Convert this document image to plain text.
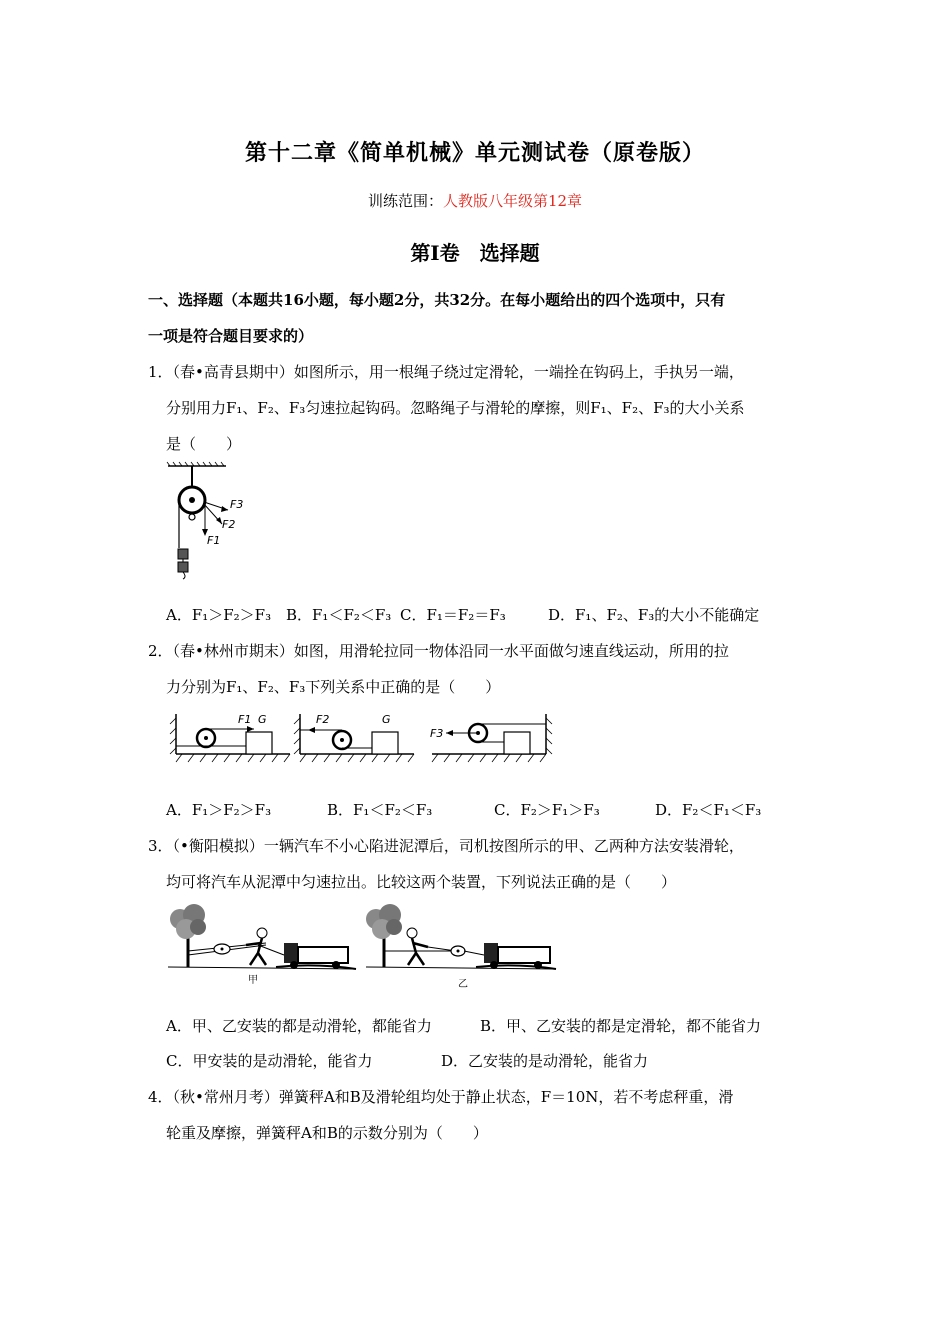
第十二章《简单机械》单元测试卷（原卷版）
训练范围：人教版八年级第12章
第Ⅰ卷　选择题
一、选择题（本题共16小题，每小题2分，共32分。在每小题给出的四个选项中，只有
一项是符合题目要求的）
1．（春•高青县期中）如图所示，用一根绳子绕过定滑轮，一端拴在钩码上，手执另一端，
分别用力F₁、F₂、F₃匀速拉起钩码。忽略绳子与滑轮的摩擦，则F₁、F₂、F₃的大小关系
是（　　）
F3
F2
F1
A．F₁＞F₂＞F₃ B．F₁＜F₂＜F₃ C．F₁＝F₂＝F₃	D．F₁、F₂、F₃的大小不能确定
2．（春•林州市期末）如图，用滑轮拉同一物体沿同一水平面做匀速直线运动，所用的拉
力分别为F₁、F₂、F₃下列关系中正确的是（　　）
F1 G	F2	G
F3
A．F₁＞F₂＞F₃	B．F₁＜F₂＜F₃	C．F₂＞F₁＞F₃	D．F₂＜F₁＜F₃
3．（•衡阳模拟）一辆汽车不小心陷进泥潭后，司机按图所示的甲、乙两种方法安装滑轮，
均可将汽车从泥潭中匀速拉出。比较这两个装置，下列说法正确的是（　　）
甲	乙
A．甲、乙安装的都是动滑轮，都能省力	B．甲、乙安装的都是定滑轮，都不能省力
C．甲安装的是动滑轮，能省力	D．乙安装的是动滑轮，能省力
4．（秋•常州月考）弹簧秤A和B及滑轮组均处于静止状态，F＝10N，若不考虑秤重，滑
轮重及摩擦，弹簧秤A和B的示数分别为（　　）
